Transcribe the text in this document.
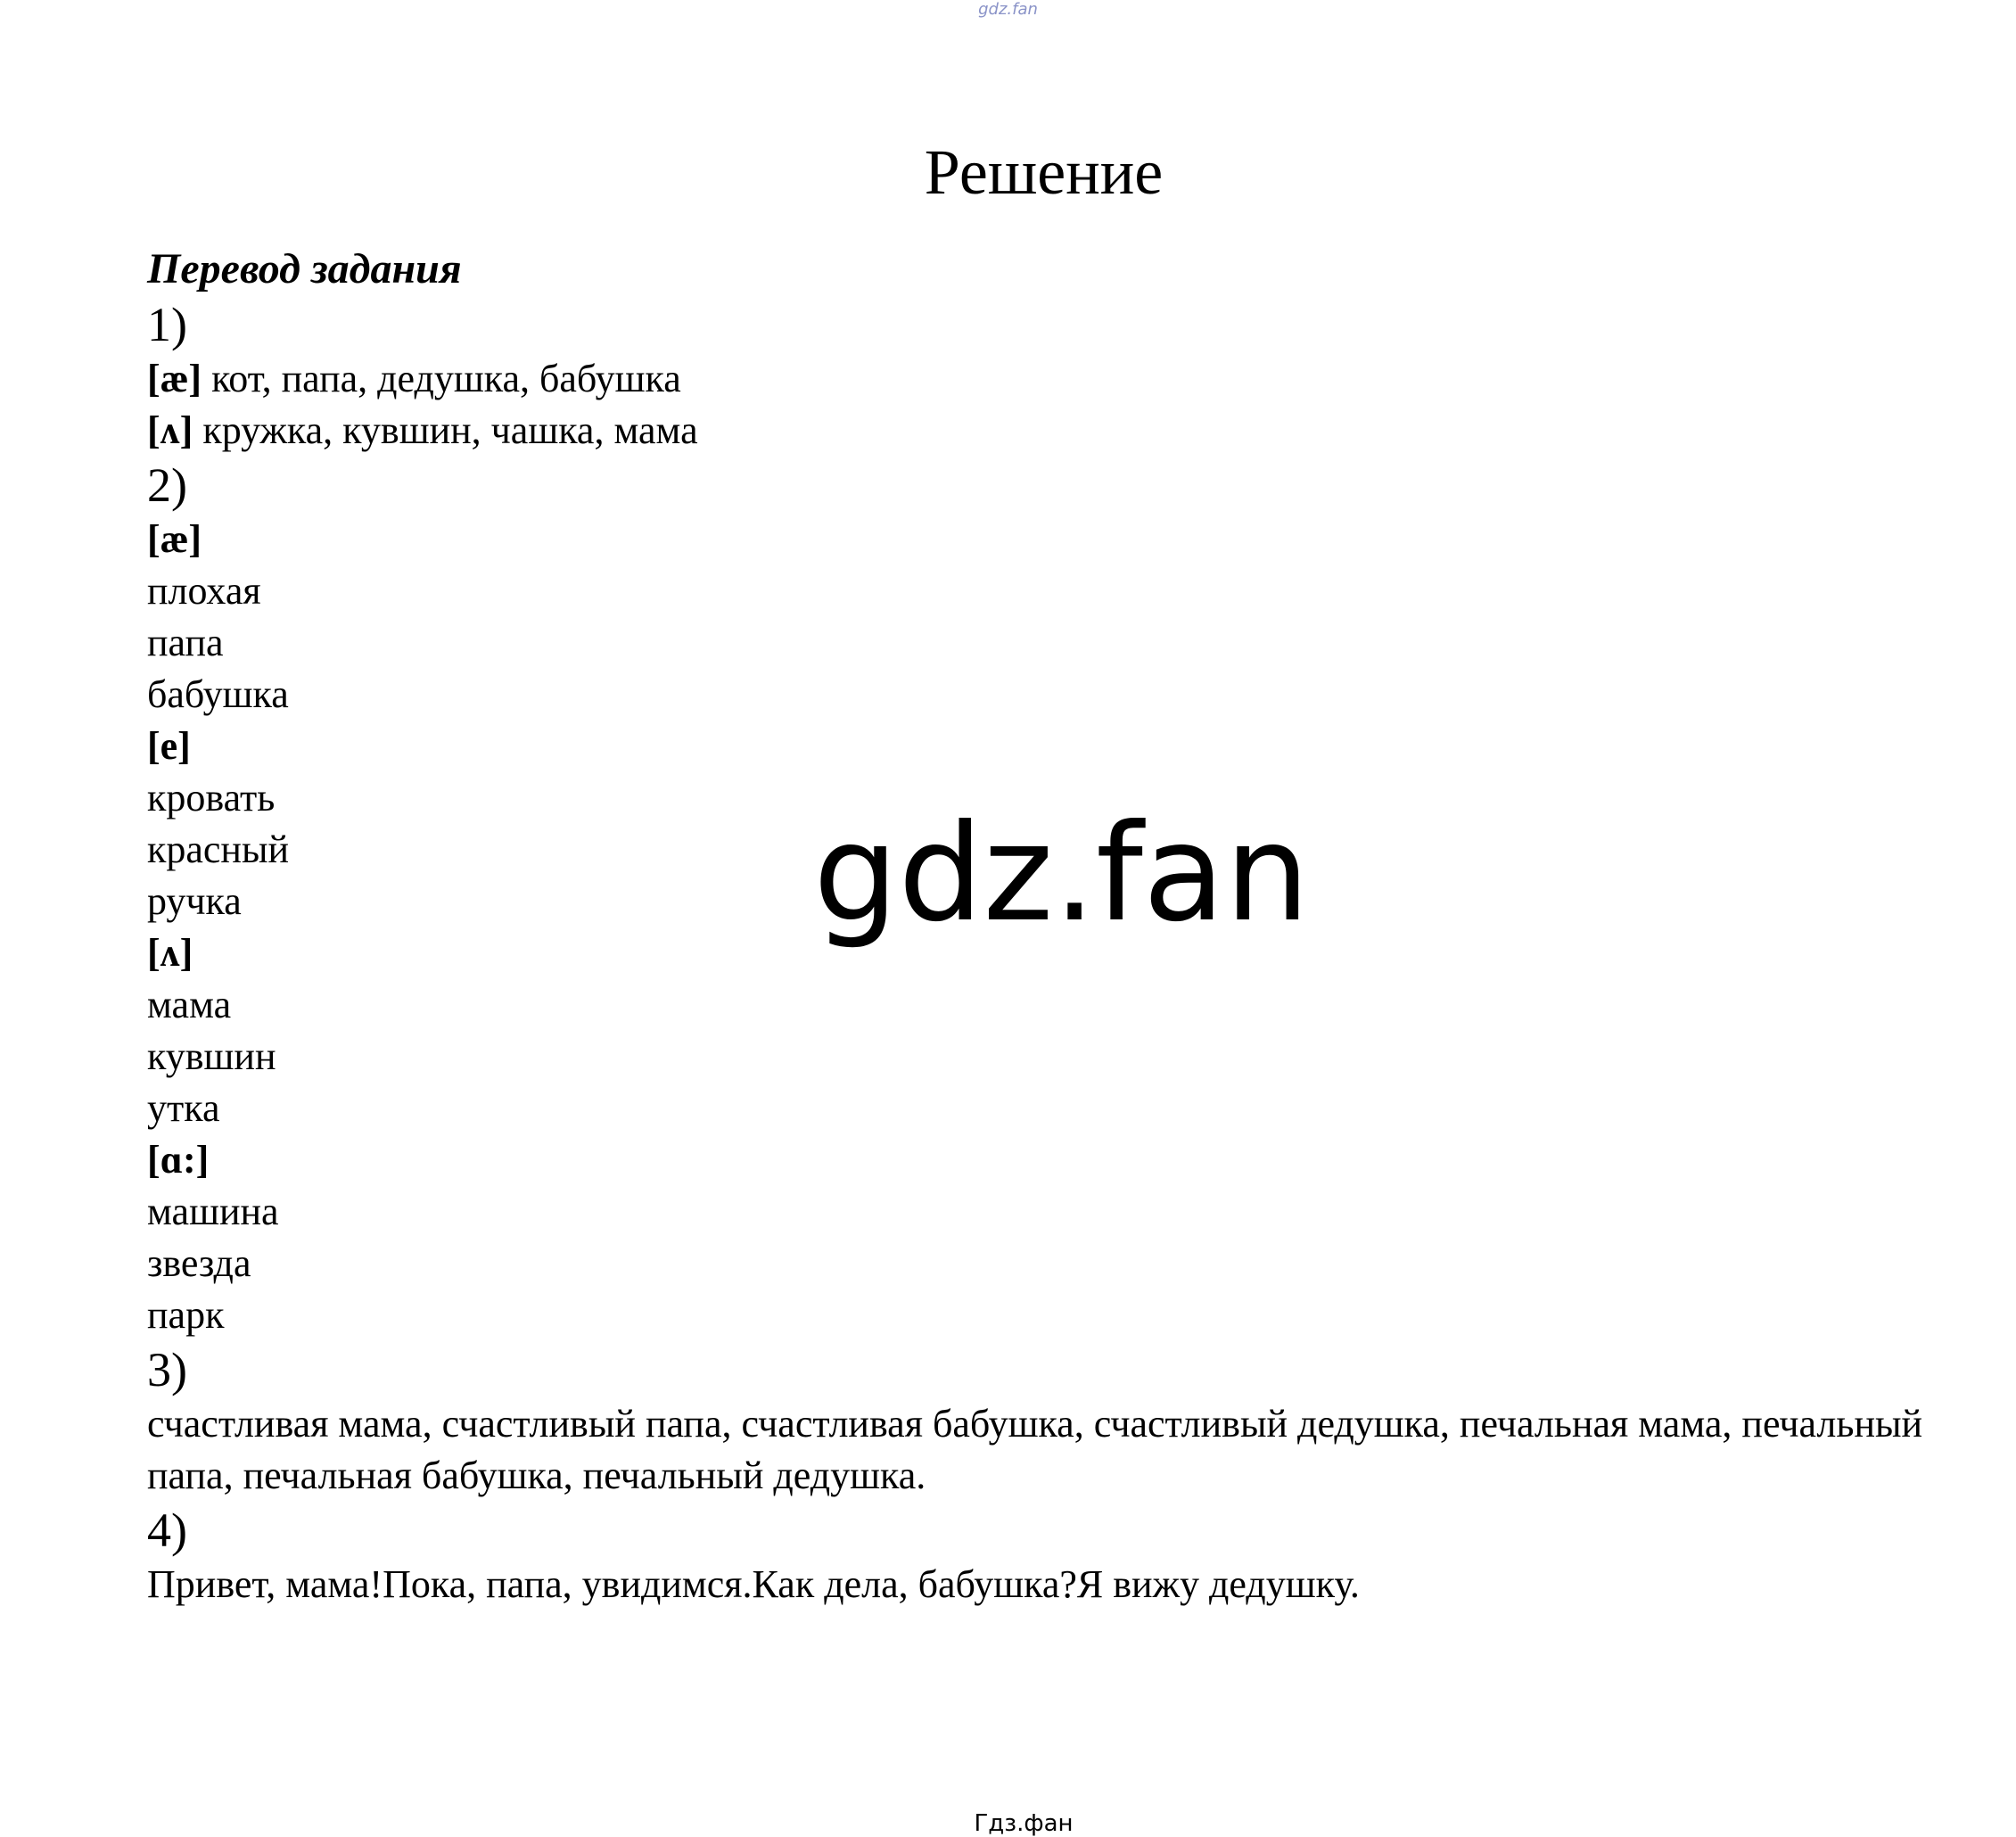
gdz.fan
Решение
Перевод задания
1)
[æ] кот, папа, дедушка, бабушка
[ʌ] кружка, кувшин, чашка, мама
2)
[æ]
плохая
папа
бабушка
[e]
кровать
красный
ручка
[ʌ]
мама
кувшин
утка
[ɑ:]
машина
звезда
парк
3)
счастливая мама, счастливый папа, счастливая бабушка, счастливый дедушка, печальная мама, печальный папа, печальная бабушка, печальный дедушка.
4)
Привет, мама!Пока, папа, увидимся.Как дела, бабушка?Я вижу дедушку.
gdz.fan
Гдз.фан
